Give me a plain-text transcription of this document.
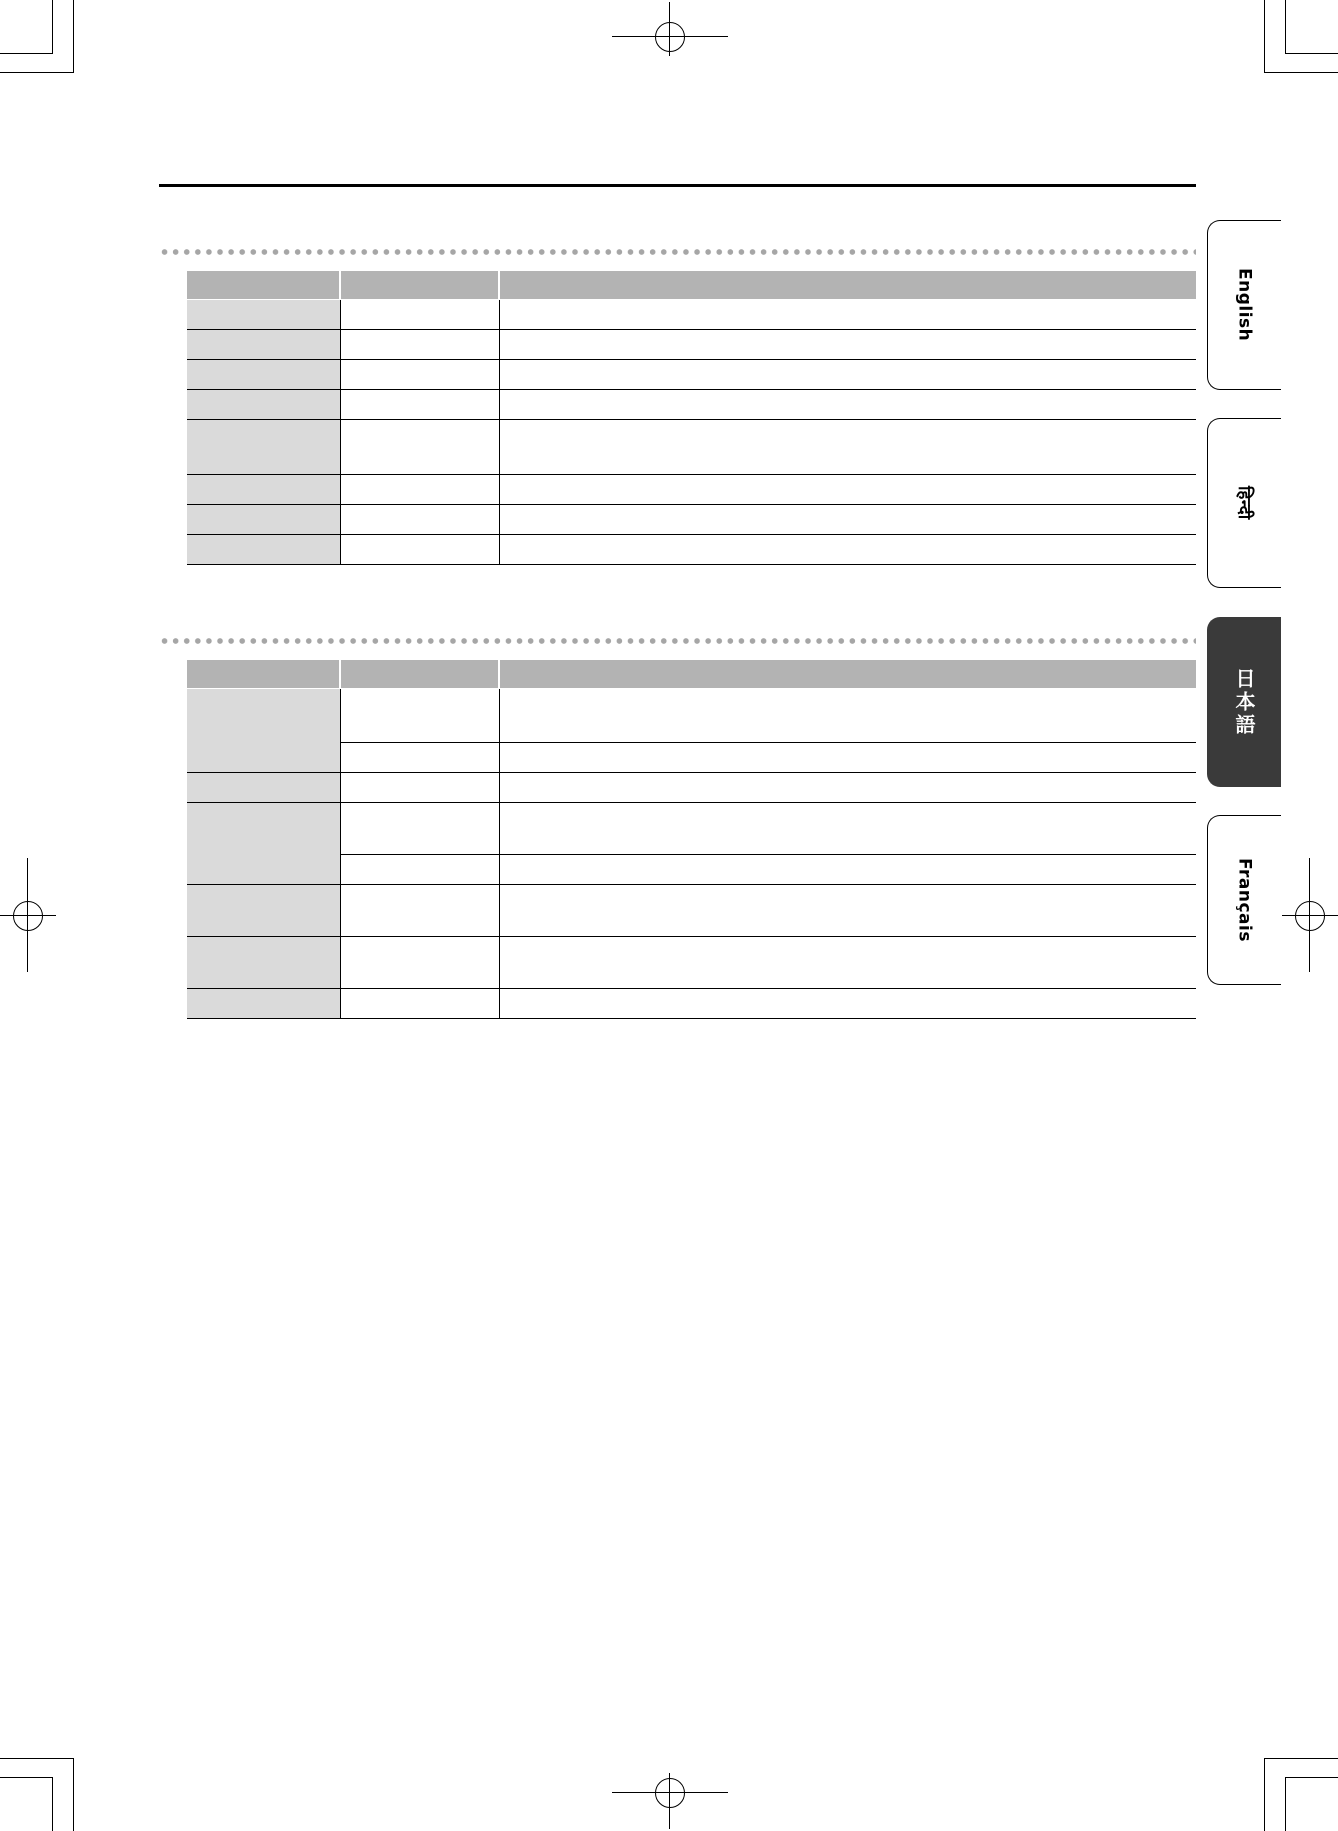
English
हिन्दी
日本語
Français
